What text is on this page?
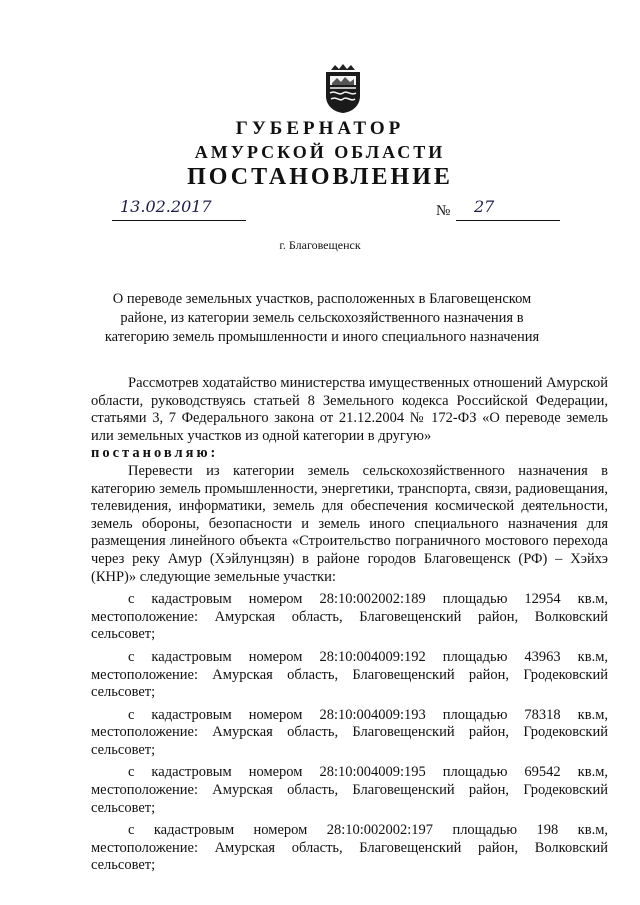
ГУБЕРНАТОР
АМУРСКОЙ ОБЛАСТИ
ПОСТАНОВЛЕНИЕ
13.02.2017	№ 27
г. Благовещенск
О переводе земельных участков, расположенных в Благовещенском районе, из категории земель сельскохозяйственного назначения в категорию земель промышленности и иного специального назначения

Рассмотрев ходатайство министерства имущественных отношений Амурской области, руководствуясь статьей 8 Земельного кодекса Российской Федерации, статьями 3, 7 Федерального закона от 21.12.2004 № 172-ФЗ «О переводе земель или земельных участков из одной категории в другую»

постановляю:

Перевести из категории земель сельскохозяйственного назначения в категорию земель промышленности, энергетики, транспорта, связи, радиовещания, телевидения, информатики, земель для обеспечения космической деятельности, земель обороны, безопасности и земель иного специального назначения для размещения линейного объекта «Строительство пограничного мостового перехода через реку Амур (Хэйлунцзян) в районе городов Благовещенск (РФ) – Хэйхэ (КНР)» следующие земельные участки:

с кадастровым номером 28:10:002002:189 площадью 12954 кв.м, местоположение: Амурская область, Благовещенский район, Волковский сельсовет;

с кадастровым номером 28:10:004009:192 площадью 43963 кв.м, местоположение: Амурская область, Благовещенский район, Гродековский сельсовет;

с кадастровым номером 28:10:004009:193 площадью 78318 кв.м, местоположение: Амурская область, Благовещенский район, Гродековский сельсовет;

с кадастровым номером 28:10:004009:195 площадью 69542 кв.м, местоположение: Амурская область, Благовещенский район, Гродековский сельсовет;

с кадастровым номером 28:10:002002:197 площадью 198 кв.м, местоположение: Амурская область, Благовещенский район, Волковский сельсовет;
